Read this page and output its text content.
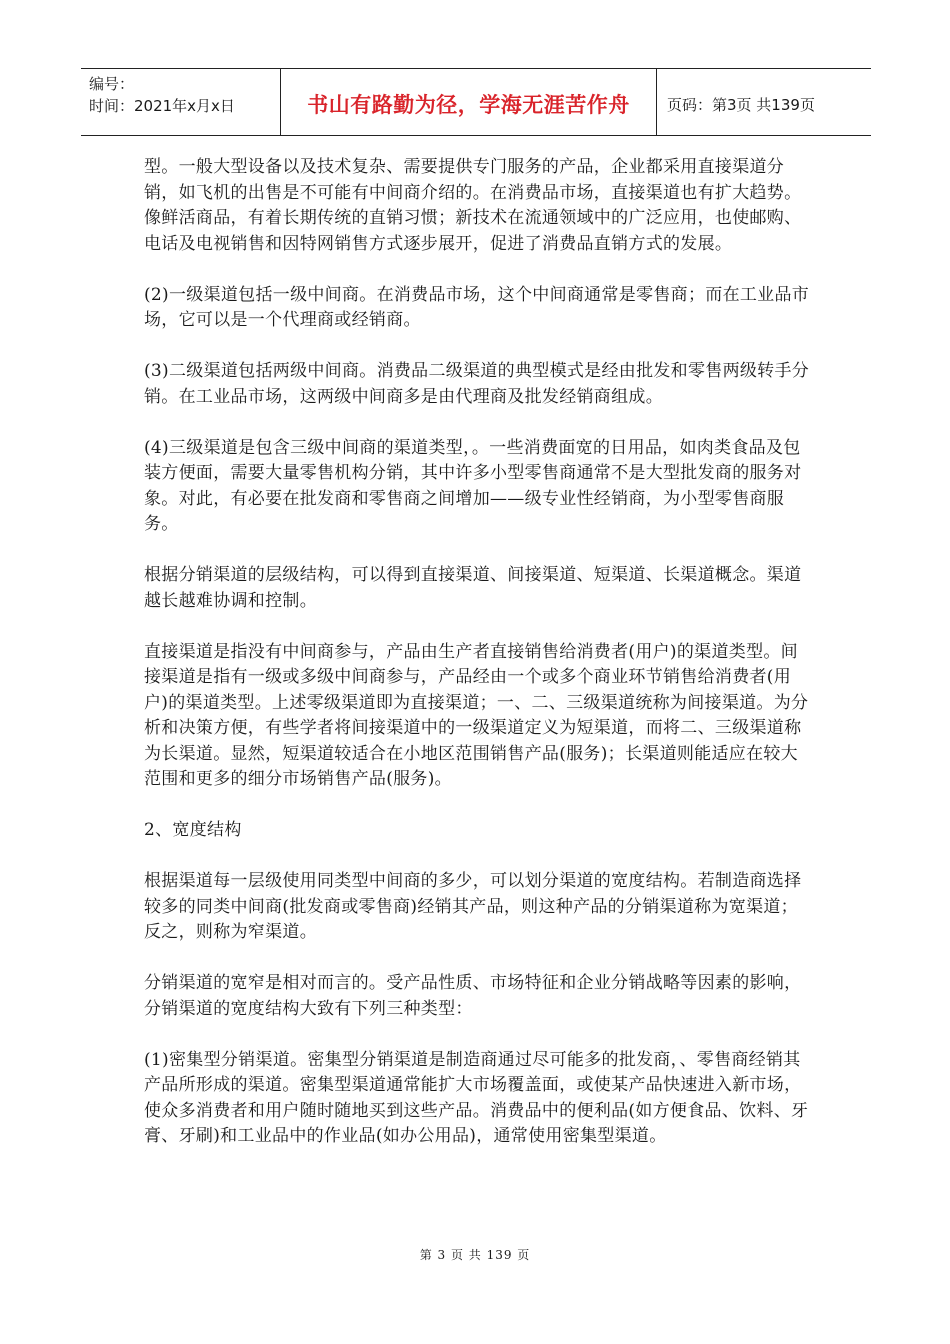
编号：
时间：2021年x月x日	书山有路勤为径，学海无涯苦作舟 页码：第3页 共139页

型。一般大型设备以及技术复杂、需要提供专门服务的产品，企业都采用直接渠道分销，如飞机的出售是不可能有中间商介绍的。在消费品市场，直接渠道也有扩大趋势。像鲜活商品，有着长期传统的直销习惯；新技术在流通领域中的广泛应用，也使邮购、电话及电视销售和因特网销售方式逐步展开，促进了消费品直销方式的发展。

(2)一级渠道包括一级中间商。在消费品市场，这个中间商通常是零售商；而在工业品市场，它可以是一个代理商或经销商。

(3)二级渠道包括两级中间商。消费品二级渠道的典型模式是经由批发和零售两级转手分销。在工业品市场，这两级中间商多是由代理商及批发经销商组成。

(4)三级渠道是包含三级中间商的渠道类型，。一些消费面宽的日用品，如肉类食品及包装方便面，需要大量零售机构分销，其中许多小型零售商通常不是大型批发商的服务对象。对此，有必要在批发商和零售商之间增加——级专业性经销商，为小型零售商服务。

根据分销渠道的层级结构，可以得到直接渠道、间接渠道、短渠道、长渠道概念。渠道越长越难协调和控制。

直接渠道是指没有中间商参与，产品由生产者直接销售给消费者(用户)的渠道类型。间接渠道是指有一级或多级中间商参与，产品经由一个或多个商业环节销售给消费者(用户)的渠道类型。上述零级渠道即为直接渠道；一、二、三级渠道统称为间接渠道。为分析和决策方便，有些学者将间接渠道中的一级渠道定义为短渠道，而将二、三级渠道称为长渠道。显然，短渠道较适合在小地区范围销售产品(服务)；长渠道则能适应在较大范围和更多的细分市场销售产品(服务)。

2、宽度结构

根据渠道每一层级使用同类型中间商的多少，可以划分渠道的宽度结构。若制造商选择较多的同类中间商(批发商或零售商)经销其产品，则这种产品的分销渠道称为宽渠道；反之，则称为窄渠道。

分销渠道的宽窄是相对而言的。受产品性质、市场特征和企业分销战略等因素的影响，分销渠道的宽度结构大致有下列三种类型：

(1)密集型分销渠道。密集型分销渠道是制造商通过尽可能多的批发商，、零售商经销其产品所形成的渠道。密集型渠道通常能扩大市场覆盖面，或使某产品快速进入新市场，使众多消费者和用户随时随地买到这些产品。消费品中的便利品(如方便食品、饮料、牙膏、牙刷)和工业品中的作业品(如办公用品)，通常使用密集型渠道。

第 3 页 共 139 页
